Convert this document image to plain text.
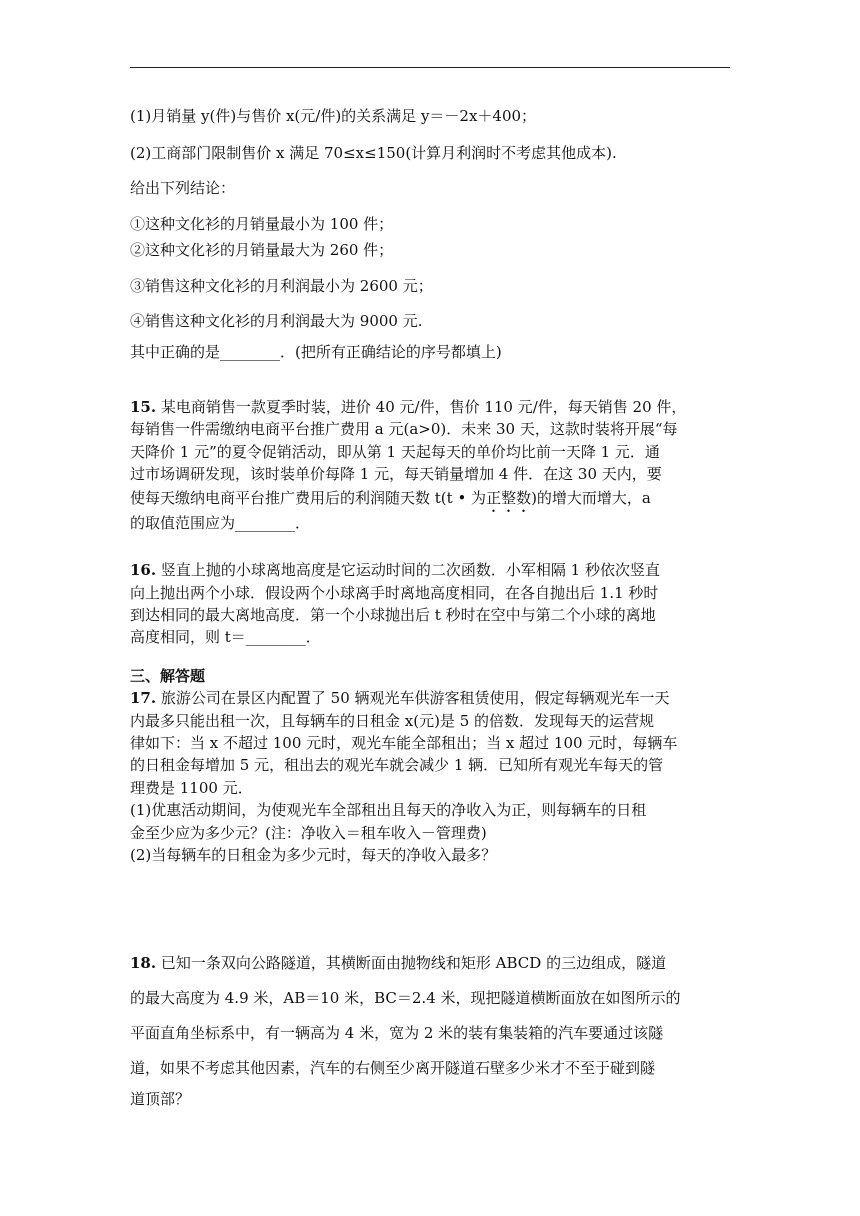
(1)月销量 y(件)与售价 x(元/件)的关系满足 y＝－2x＋400；
(2)工商部门限制售价 x 满足 70≤x≤150(计算月利润时不考虑其他成本).
给出下列结论：
①这种文化衫的月销量最小为 100 件；
②这种文化衫的月销量最大为 260 件；
③销售这种文化衫的月利润最小为 2600 元；
④销售这种文化衫的月利润最大为 9000 元.
其中正确的是________．(把所有正确结论的序号都填上)
15. 某电商销售一款夏季时装，进价 40 元/件，售价 110 元/件，每天销售 20 件，
每销售一件需缴纳电商平台推广费用 a 元(a>0)．未来 30 天，这款时装将开展“每
天降价 1 元”的夏令促销活动，即从第 1 天起每天的单价均比前一天降 1 元．通
过市场调研发现，该时装单价每降 1 元，每天销量增加 4 件．在这 30 天内，要
使每天缴纳电商平台推广费用后的利润随天数 t(t • 为正整数)的增大而增大，a
的取值范围应为________．
16. 竖直上抛的小球离地高度是它运动时间的二次函数．小军相隔 1 秒依次竖直
向上抛出两个小球．假设两个小球离手时离地高度相同，在各自抛出后 1.1 秒时
到达相同的最大离地高度．第一个小球抛出后 t 秒时在空中与第二个小球的离地
高度相同，则 t＝________．
三、解答题
17. 旅游公司在景区内配置了 50 辆观光车供游客租赁使用，假定每辆观光车一天
内最多只能出租一次，且每辆车的日租金 x(元)是 5 的倍数．发现每天的运营规
律如下：当 x 不超过 100 元时，观光车能全部租出；当 x 超过 100 元时，每辆车
的日租金每增加 5 元，租出去的观光车就会减少 1 辆．已知所有观光车每天的管
理费是 1100 元．
(1)优惠活动期间，为使观光车全部租出且每天的净收入为正，则每辆车的日租
金至少应为多少元？(注：净收入＝租车收入－管理费)
(2)当每辆车的日租金为多少元时，每天的净收入最多？
18. 已知一条双向公路隧道，其横断面由抛物线和矩形 ABCD 的三边组成，隧道
的最大高度为 4.9 米，AB＝10 米，BC＝2.4 米，现把隧道横断面放在如图所示的
平面直角坐标系中，有一辆高为 4 米，宽为 2 米的装有集装箱的汽车要通过该隧
道，如果不考虑其他因素，汽车的右侧至少离开隧道石壁多少米才不至于碰到隧
道顶部？
